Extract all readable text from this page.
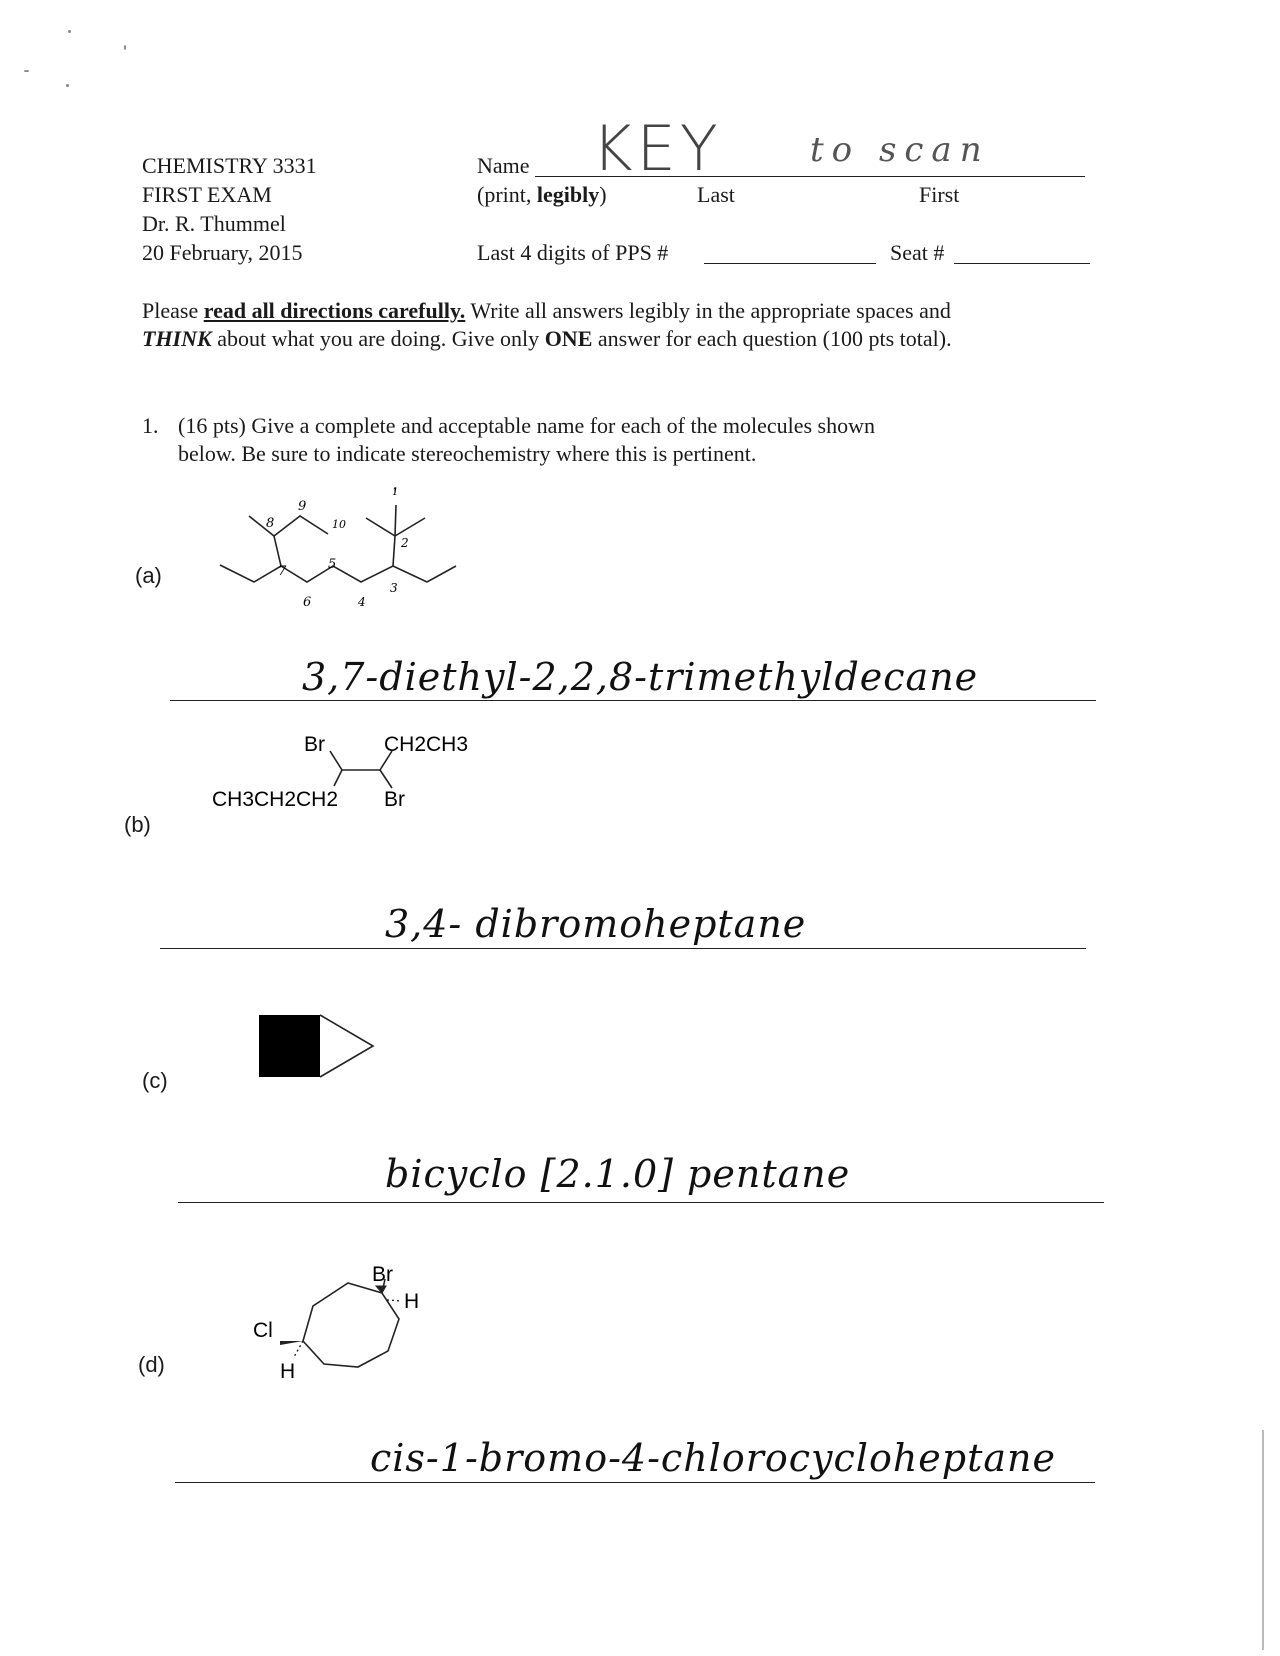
CHEMISTRY 3331
FIRST EXAM
Dr. R. Thummel
20 February, 2015
Name KEY	to scan
(print, legibly)	Last	First
Last 4 digits of PPS #	Seat #
Please read all directions carefully. Write all answers legibly in the appropriate spaces and THINK about what you are doing. Give only ONE answer for each question (100 pts total).
1. (16 pts) Give a complete and acceptable name for each of the molecules shown below. Be sure to indicate stereochemistry where this is pertinent.
(a)
8
9
10
7	5
6	4
3
2
1
3,7-diethyl-2,2,8-trimethyldecane
(b)
Br	CH2CH3
CH3CH2CH2 Br
3,4- dibromoheptane
(c)
bicyclo [2.1.0] pentane
(d)
Br
H
Cl
H
cis-1-bromo-4-chlorocycloheptane
